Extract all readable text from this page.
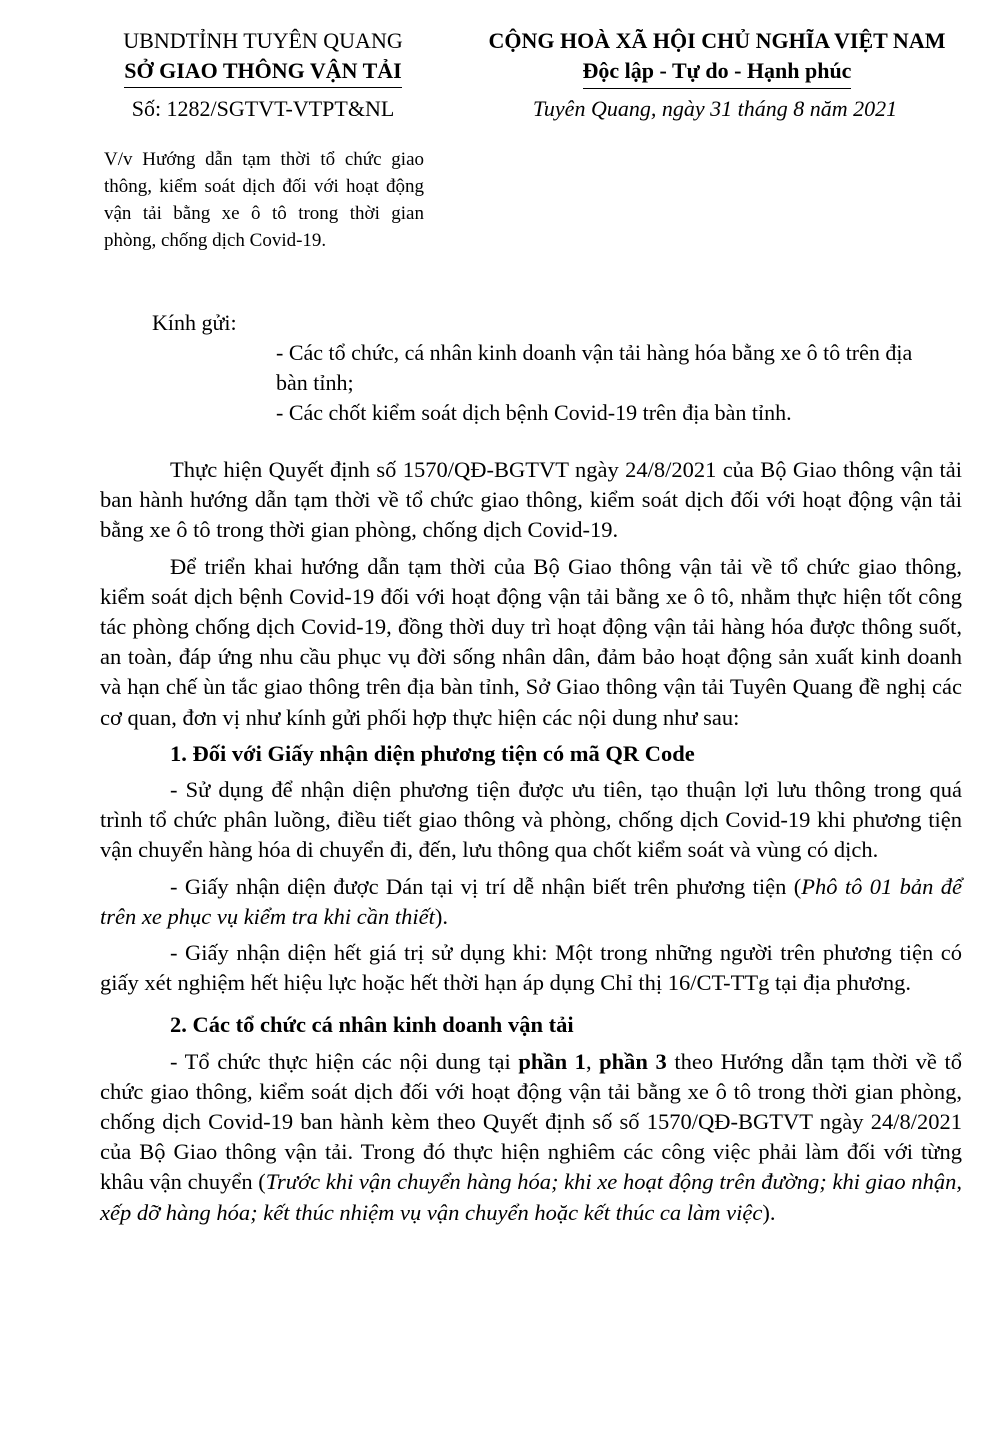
UBNDTỈNH TUYÊN QUANG
SỞ GIAO THÔNG VẬN TẢI
CỘNG HOÀ XÃ HỘI CHỦ NGHĨA VIỆT NAM
Độc lập - Tự do - Hạnh phúc
Số: 1282/SGTVT-VTPT&NL	Tuyên Quang, ngày 31 tháng 8 năm 2021
V/v Hướng dẫn tạm thời tổ chức giao thông, kiểm soát dịch đối với hoạt động vận tải bằng xe ô tô trong thời gian phòng, chống dịch Covid-19.
Kính gửi:
- Các tổ chức, cá nhân kinh doanh vận tải hàng hóa bằng xe ô tô trên địa bàn tỉnh;
- Các chốt kiểm soát dịch bệnh Covid-19 trên địa bàn tỉnh.

Thực hiện Quyết định số 1570/QĐ-BGTVT ngày 24/8/2021 của Bộ Giao thông vận tải ban hành hướng dẫn tạm thời về tổ chức giao thông, kiểm soát dịch đối với hoạt động vận tải bằng xe ô tô trong thời gian phòng, chống dịch Covid-19.

Để triển khai hướng dẫn tạm thời của Bộ Giao thông vận tải về tổ chức giao thông, kiểm soát dịch bệnh Covid-19 đối với hoạt động vận tải bằng xe ô tô, nhằm thực hiện tốt công tác phòng chống dịch Covid-19, đồng thời duy trì hoạt động vận tải hàng hóa được thông suốt, an toàn, đáp ứng nhu cầu phục vụ đời sống nhân dân, đảm bảo hoạt động sản xuất kinh doanh và hạn chế ùn tắc giao thông trên địa bàn tỉnh, Sở Giao thông vận tải Tuyên Quang đề nghị các cơ quan, đơn vị như kính gửi phối hợp thực hiện các nội dung như sau:

1. Đối với Giấy nhận diện phương tiện có mã QR Code

- Sử dụng để nhận diện phương tiện được ưu tiên, tạo thuận lợi lưu thông trong quá trình tổ chức phân luồng, điều tiết giao thông và phòng, chống dịch Covid-19 khi phương tiện vận chuyển hàng hóa di chuyển đi, đến, lưu thông qua chốt kiểm soát và vùng có dịch.

- Giấy nhận diện được Dán tại vị trí dễ nhận biết trên phương tiện (Phô tô 01 bản để trên xe phục vụ kiểm tra khi cần thiết).

- Giấy nhận diện hết giá trị sử dụng khi: Một trong những người trên phương tiện có giấy xét nghiệm hết hiệu lực hoặc hết thời hạn áp dụng Chỉ thị 16/CT-TTg tại địa phương.

2. Các tổ chức cá nhân kinh doanh vận tải

- Tổ chức thực hiện các nội dung tại phần 1, phần 3 theo Hướng dẫn tạm thời về tổ chức giao thông, kiểm soát dịch đối với hoạt động vận tải bằng xe ô tô trong thời gian phòng, chống dịch Covid-19 ban hành kèm theo Quyết định số số 1570/QĐ-BGTVT ngày 24/8/2021 của Bộ Giao thông vận tải. Trong đó thực hiện nghiêm các công việc phải làm đối với từng khâu vận chuyển (Trước khi vận chuyển hàng hóa; khi xe hoạt động trên đường; khi giao nhận, xếp dỡ hàng hóa; kết thúc nhiệm vụ vận chuyển hoặc kết thúc ca làm việc).
